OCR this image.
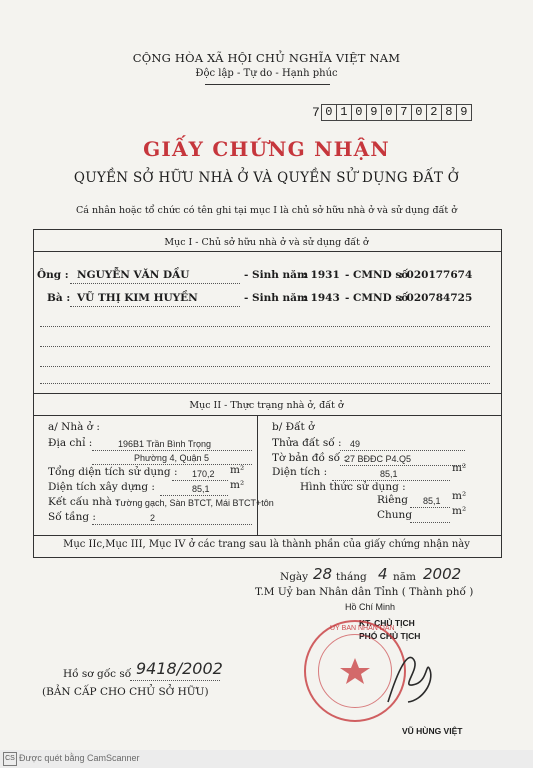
CỘNG HÒA XÃ HỘI CHỦ NGHĨA VIỆT NAM
Độc lập - Tự do - Hạnh phúc
7 0 1 0 9 0 7 0 2 8 9
GIẤY CHỨNG NHẬN
QUYỀN SỞ HỮU NHÀ Ở VÀ QUYỀN SỬ DỤNG ĐẤT Ở
Cá nhân hoặc tổ chức có tên ghi tại mục I là chủ sở hữu nhà ở và sử dụng đất ở
Mục I - Chủ sở hữu nhà ở và sử dụng đất ở
Ông : NGUYỄN VĂN DẦU	- Sinh năm
: 1931 - CMND số
: 020177674
Bà : VŨ THỊ KIM HUYỀN	- Sinh năm
: 1943 - CMND số
: 020784725
Mục II - Thực trạng nhà ở, đất ở
a/ Nhà ở :
Địa chỉ :	196B1 Trần Bình Trọng
Phường 4, Quận 5
Tổng diện tích sử dụng : 170,2 m²
Diện tích xây dựng :	85,1 m²
Kết cấu nhà :
Tường gạch, Sàn BTCT, Mái BTCT+tôn
Số tầng :	2
b/ Đất ở
Thửa đất số : 49
Tờ bản đồ số :
27 BĐĐC P4.Q5
Diện tích :	85,1	m²
Hình thức sử dụng :
Riêng 85,1 m²
Chung	m²
Mục IIc,Mục III, Mục IV ở các trang sau là thành phần của giấy chứng nhận này
Ngày 28 tháng 4 năm 2002
T.M Uỷ ban Nhân dân Tỉnh ( Thành phố )
Hồ Chí Minh
KT. CHỦ TỊCH
PHÓ CHỦ TỊCH
UỶ BAN NHÂN DÂN
VŨ HÙNG VIỆT
Hồ sơ gốc số 9418/2002
(BẢN CẤP CHO CHỦ SỞ HỮU)
CS Được quét bằng CamScanner
